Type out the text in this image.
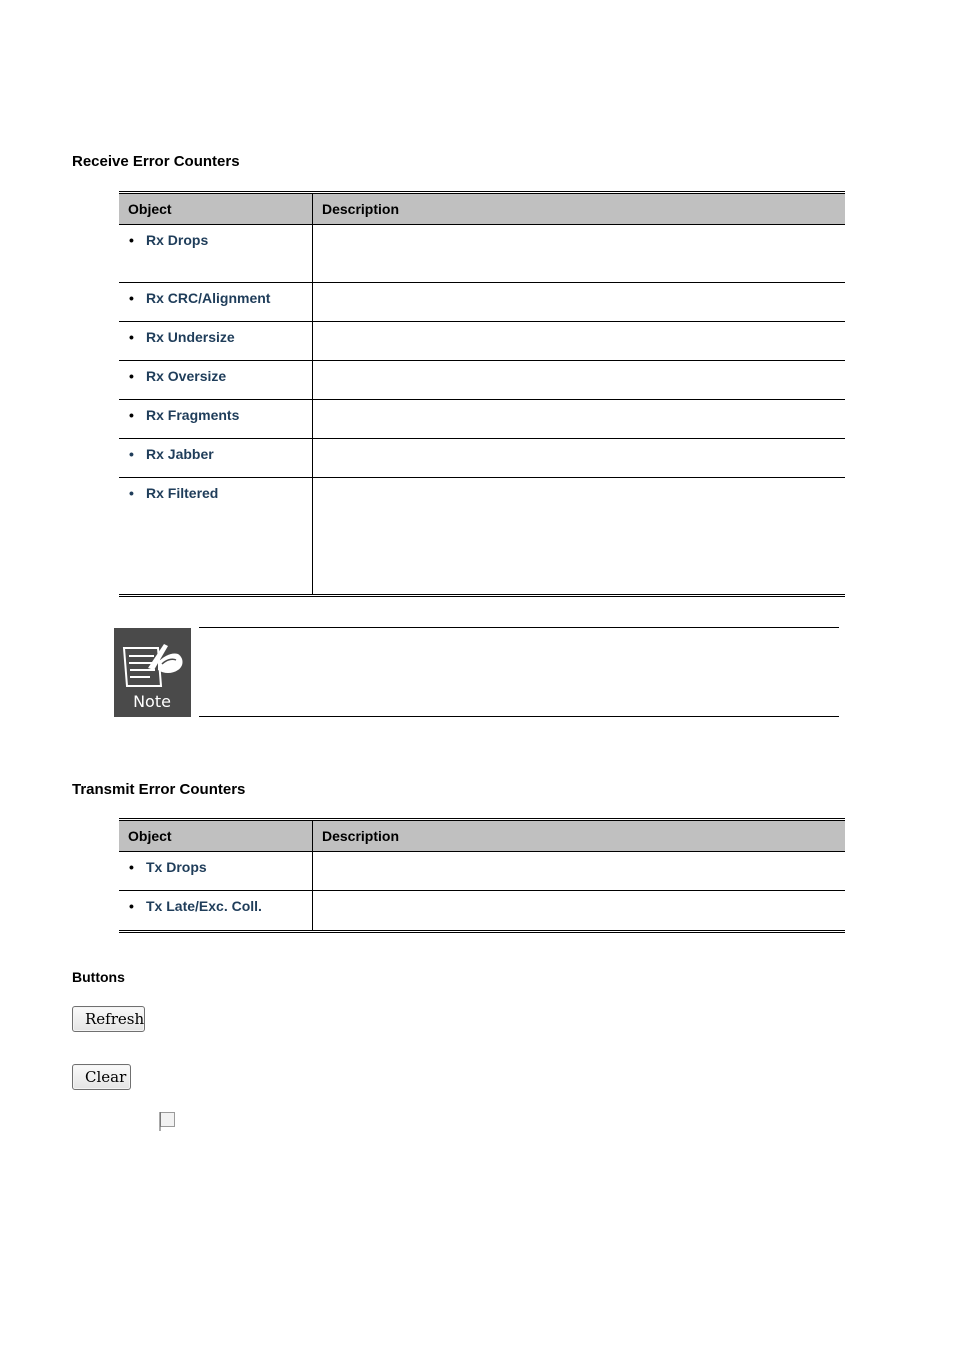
Receive Error Counters
Object	Description

• Rx Drops	

• Rx CRC/Alignment	

• Rx Undersize	

• Rx Oversize	

• Rx Fragments	

• Rx Jabber	

• Rx Filtered	

Note
Transmit Error Counters
Object	Description

• Tx Drops	

• Tx Late/Exc. Coll.	

Buttons
Refresh
Clear
